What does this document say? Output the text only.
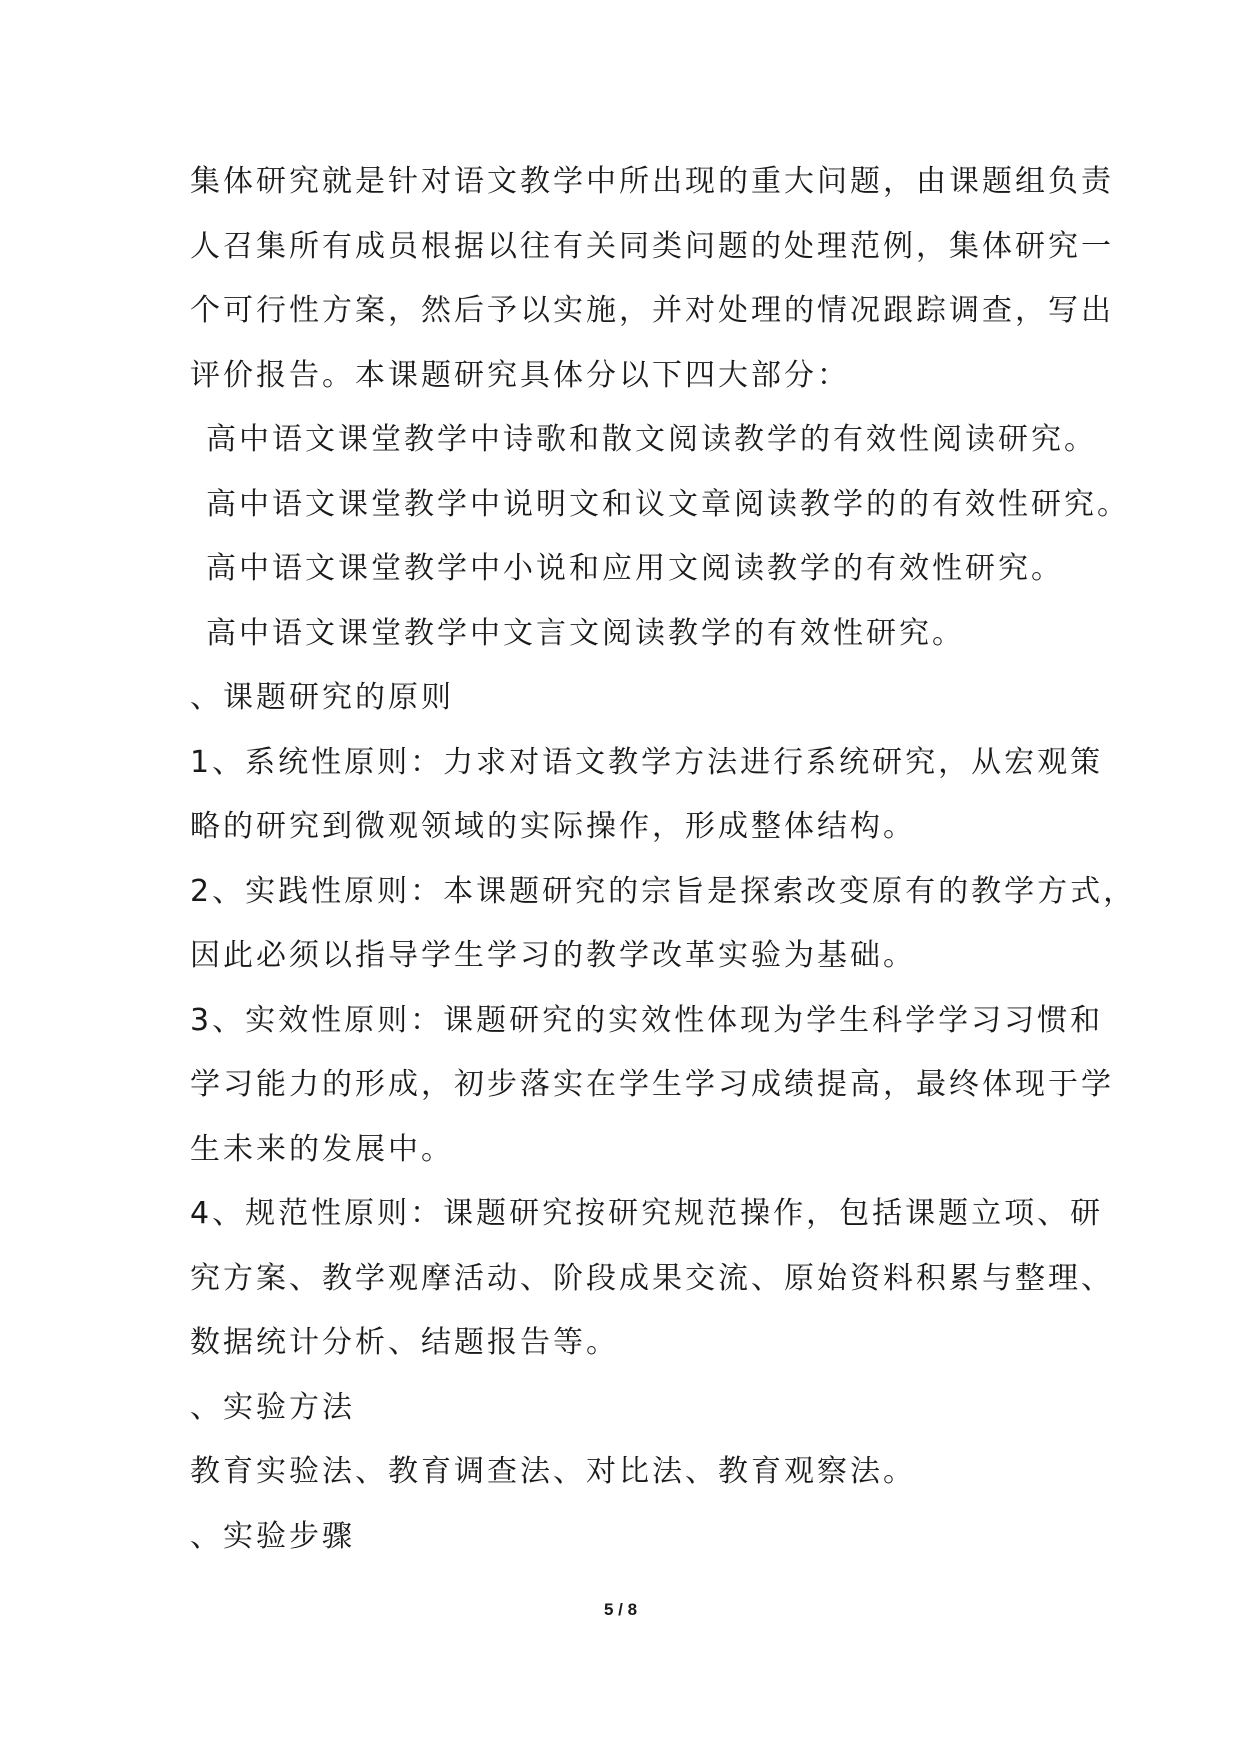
集体研究就是针对语文教学中所出现的重大问题，由课题组负责
人召集所有成员根据以往有关同类问题的处理范例，集体研究一
个可行性方案，然后予以实施，并对处理的情况跟踪调查，写出
评价报告。本课题研究具体分以下四大部分：
高中语文课堂教学中诗歌和散文阅读教学的有效性阅读研究。
高中语文课堂教学中说明文和议文章阅读教学的的有效性研究。
高中语文课堂教学中小说和应用文阅读教学的有效性研究。
高中语文课堂教学中文言文阅读教学的有效性研究。
、课题研究的原则
1、系统性原则：力求对语文教学方法进行系统研究，从宏观策
略的研究到微观领域的实际操作，形成整体结构。
2、实践性原则：本课题研究的宗旨是探索改变原有的教学方式，
因此必须以指导学生学习的教学改革实验为基础。
3、实效性原则：课题研究的实效性体现为学生科学学习习惯和
学习能力的形成，初步落实在学生学习成绩提高，最终体现于学
生未来的发展中。
4、规范性原则：课题研究按研究规范操作，包括课题立项、研
究方案、教学观摩活动、阶段成果交流、原始资料积累与整理、
数据统计分析、结题报告等。
、实验方法
教育实验法、教育调查法、对比法、教育观察法。
、实验步骤
5 / 8
